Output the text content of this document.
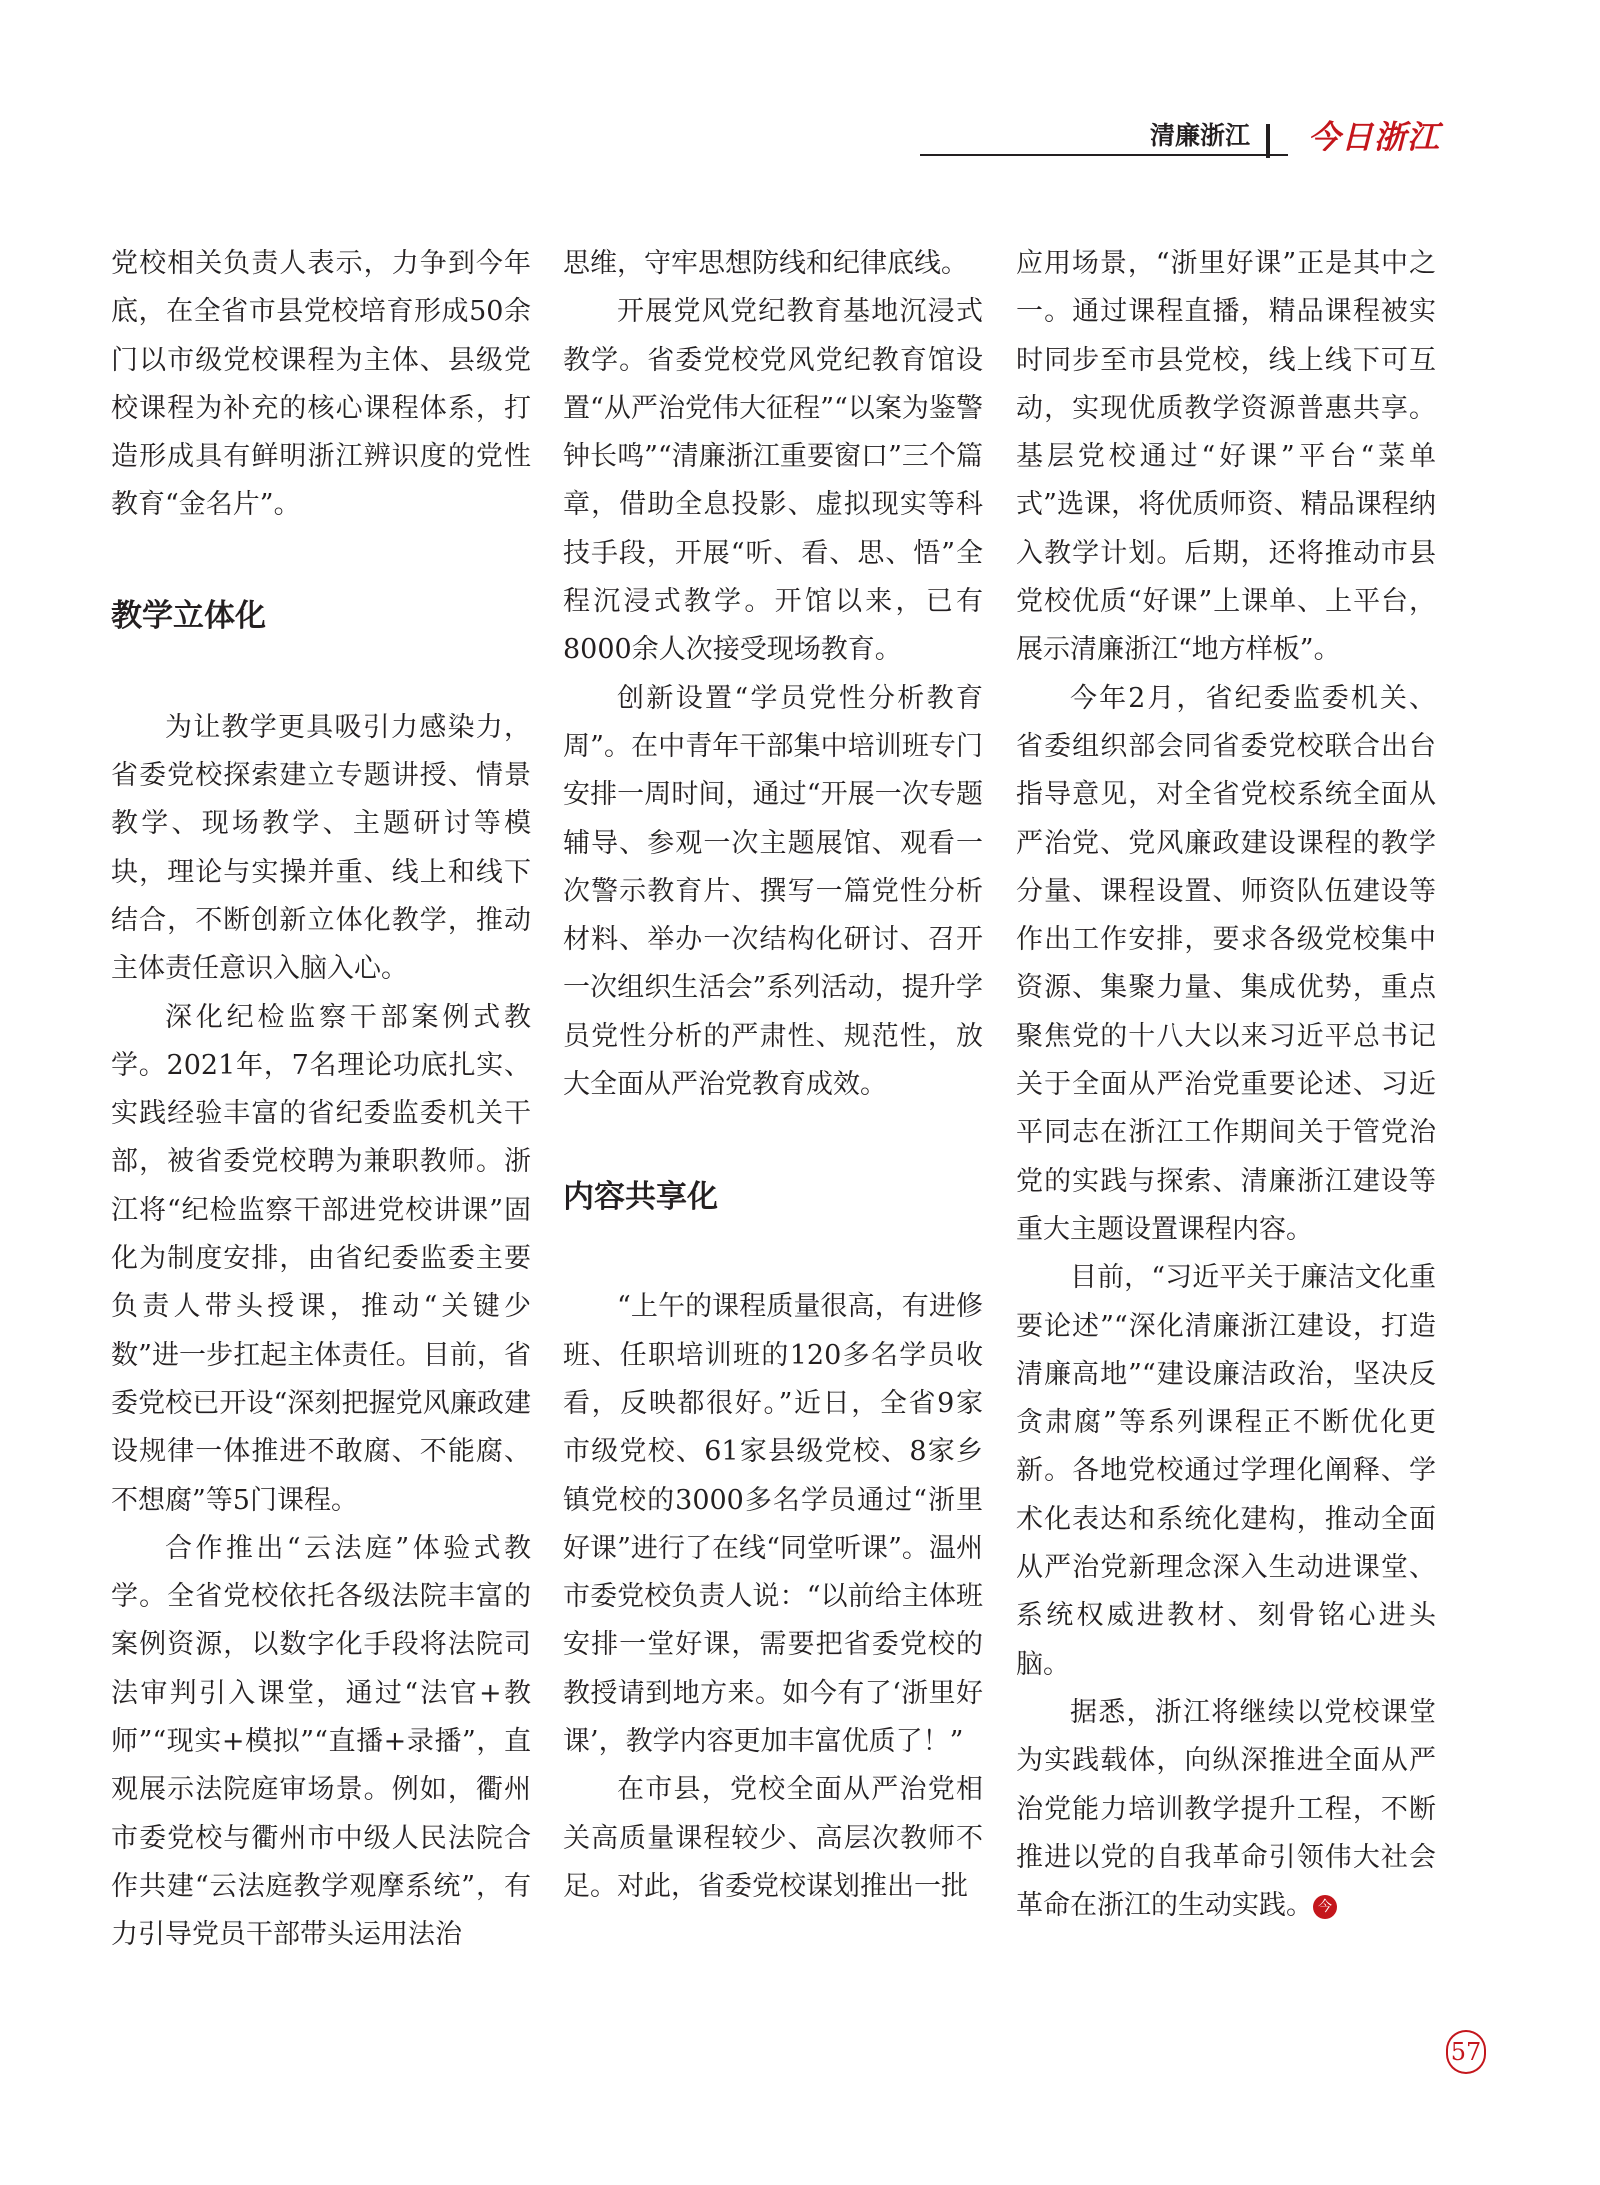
清廉浙江 今日浙江

党校相关负责人表示，力争到今年底，在全省市县党校培育形成50余门以市级党校课程为主体、县级党校课程为补充的核心课程体系，打造形成具有鲜明浙江辨识度的党性教育“金名片”。

教学立体化

为让教学更具吸引力感染力，省委党校探索建立专题讲授、情景教学、现场教学、主题研讨等模块，理论与实操并重、线上和线下结合，不断创新立体化教学，推动主体责任意识入脑入心。

深化纪检监察干部案例式教学。2021年，7名理论功底扎实、实践经验丰富的省纪委监委机关干部，被省委党校聘为兼职教师。浙江将“纪检监察干部进党校讲课”固化为制度安排，由省纪委监委主要负责人带头授课，推动“关键少数”进一步扛起主体责任。目前，省委党校已开设“深刻把握党风廉政建设规律一体推进不敢腐、不能腐、不想腐”等5门课程。

合作推出“云法庭”体验式教学。全省党校依托各级法院丰富的案例资源，以数字化手段将法院司法审判引入课堂，通过“法官+教师”“现实+模拟”“直播+录播”，直观展示法院庭审场景。例如，衢州市委党校与衢州市中级人民法院合作共建“云法庭教学观摩系统”，有力引导党员干部带头运用法治

思维，守牢思想防线和纪律底线。

开展党风党纪教育基地沉浸式教学。省委党校党风党纪教育馆设置“从严治党伟大征程”“以案为鉴警钟长鸣”“清廉浙江重要窗口”三个篇章，借助全息投影、虚拟现实等科技手段，开展“听、看、思、悟”全程沉浸式教学。开馆以来，已有8000余人次接受现场教育。

创新设置“学员党性分析教育周”。在中青年干部集中培训班专门安排一周时间，通过“开展一次专题辅导、参观一次主题展馆、观看一次警示教育片、撰写一篇党性分析材料、举办一次结构化研讨、召开一次组织生活会”系列活动，提升学员党性分析的严肃性、规范性，放大全面从严治党教育成效。

内容共享化

“上午的课程质量很高，有进修班、任职培训班的120多名学员收看，反映都很好。”近日，全省9家市级党校、61家县级党校、8家乡镇党校的3000多名学员通过“浙里好课”进行了在线“同堂听课”。温州市委党校负责人说：“以前给主体班安排一堂好课，需要把省委党校的教授请到地方来。如今有了‘浙里好课’，教学内容更加丰富优质了！”

在市县，党校全面从严治党相关高质量课程较少、高层次教师不足。对此，省委党校谋划推出一批

应用场景，“浙里好课”正是其中之一。通过课程直播，精品课程被实时同步至市县党校，线上线下可互动，实现优质教学资源普惠共享。基层党校通过“好课”平台“菜单式”选课，将优质师资、精品课程纳入教学计划。后期，还将推动市县党校优质“好课”上课单、上平台，展示清廉浙江“地方样板”。

今年2月，省纪委监委机关、省委组织部会同省委党校联合出台指导意见，对全省党校系统全面从严治党、党风廉政建设课程的教学分量、课程设置、师资队伍建设等作出工作安排，要求各级党校集中资源、集聚力量、集成优势，重点聚焦党的十八大以来习近平总书记关于全面从严治党重要论述、习近平同志在浙江工作期间关于管党治党的实践与探索、清廉浙江建设等重大主题设置课程内容。

目前，“习近平关于廉洁文化重要论述”“深化清廉浙江建设，打造清廉高地”“建设廉洁政治，坚决反贪肃腐”等系列课程正不断优化更新。各地党校通过学理化阐释、学术化表达和系统化建构，推动全面从严治党新理念深入生动进课堂、系统权威进教材、刻骨铭心进头脑。

据悉，浙江将继续以党校课堂为实践载体，向纵深推进全面从严治党能力培训教学提升工程，不断推进以党的自我革命引领伟大社会革命在浙江的生动实践。 今

57
